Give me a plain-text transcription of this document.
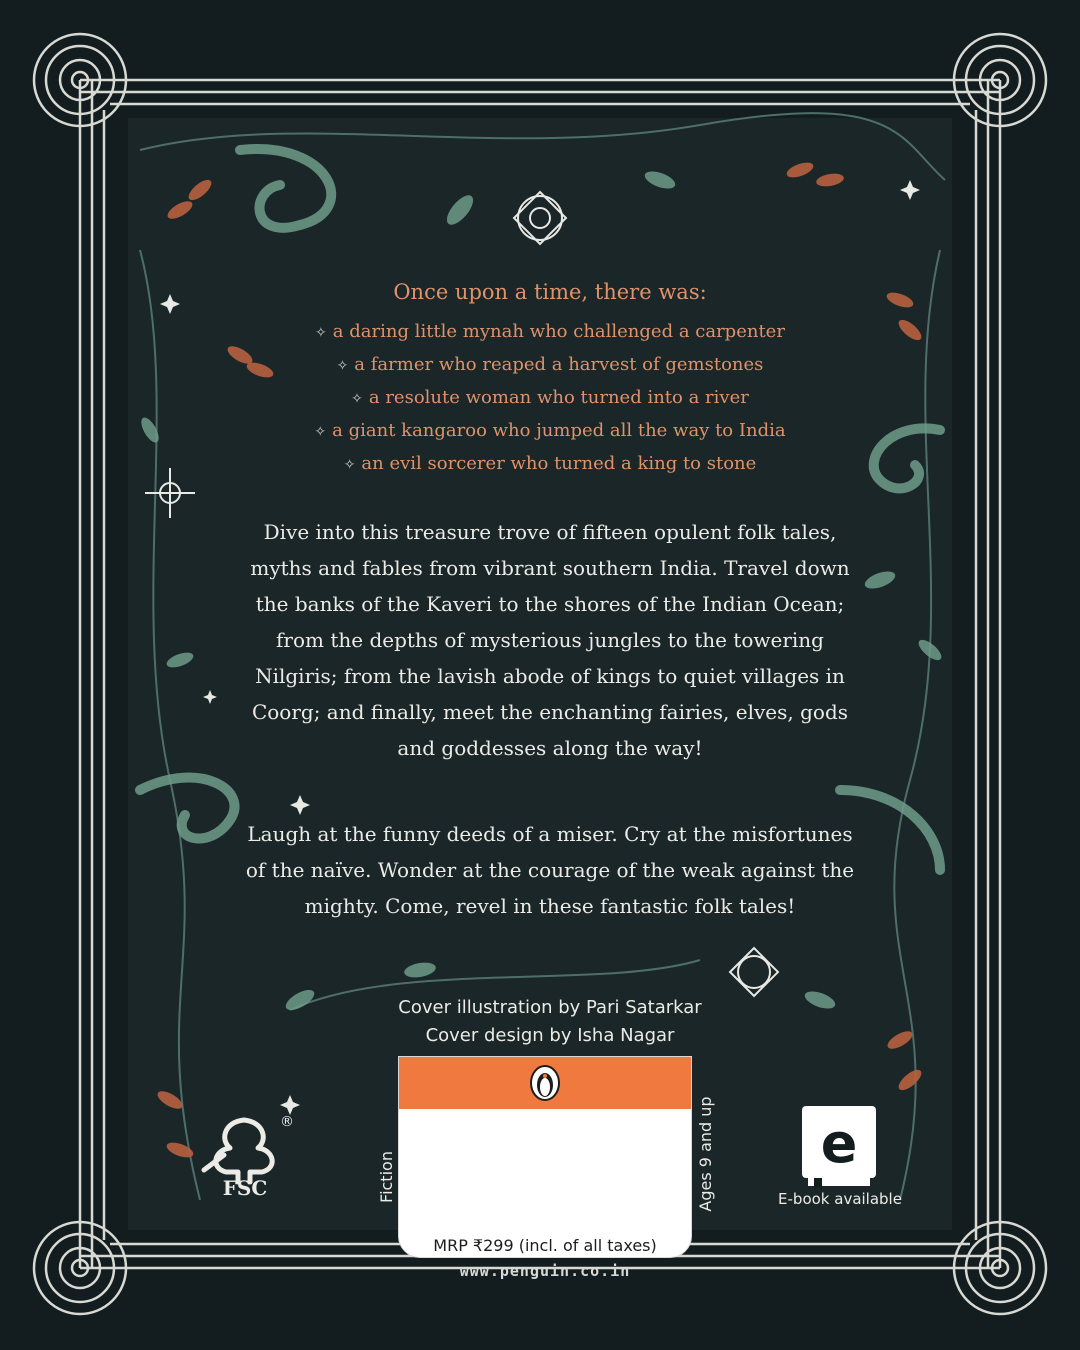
Once upon a time, there was:

✧ a daring little mynah who challenged a carpenter
✧ a farmer who reaped a harvest of gemstones
✧ a resolute woman who turned into a river
✧ a giant kangaroo who jumped all the way to India
✧ an evil sorcerer who turned a king to stone

Dive into this treasure trove of fifteen opulent folk tales, myths and fables from vibrant southern India. Travel down the banks of the Kaveri to the shores of the Indian Ocean; from the depths of mysterious jungles to the towering Nilgiris; from the lavish abode of kings to quiet villages in Coorg; and finally, meet the enchanting fairies, elves, gods and goddesses along the way!

Laugh at the funny deeds of a miser. Cry at the misfortunes of the naïve. Wonder at the courage of the weak against the mighty. Come, revel in these fantastic folk tales!

Cover illustration by Pari Satarkar
Cover design by Isha Nagar
Fiction
MRP ₹299 (incl. of all taxes)
Ages 9 and up
www.penguin.co.in
®
FSC
e
E-book available
